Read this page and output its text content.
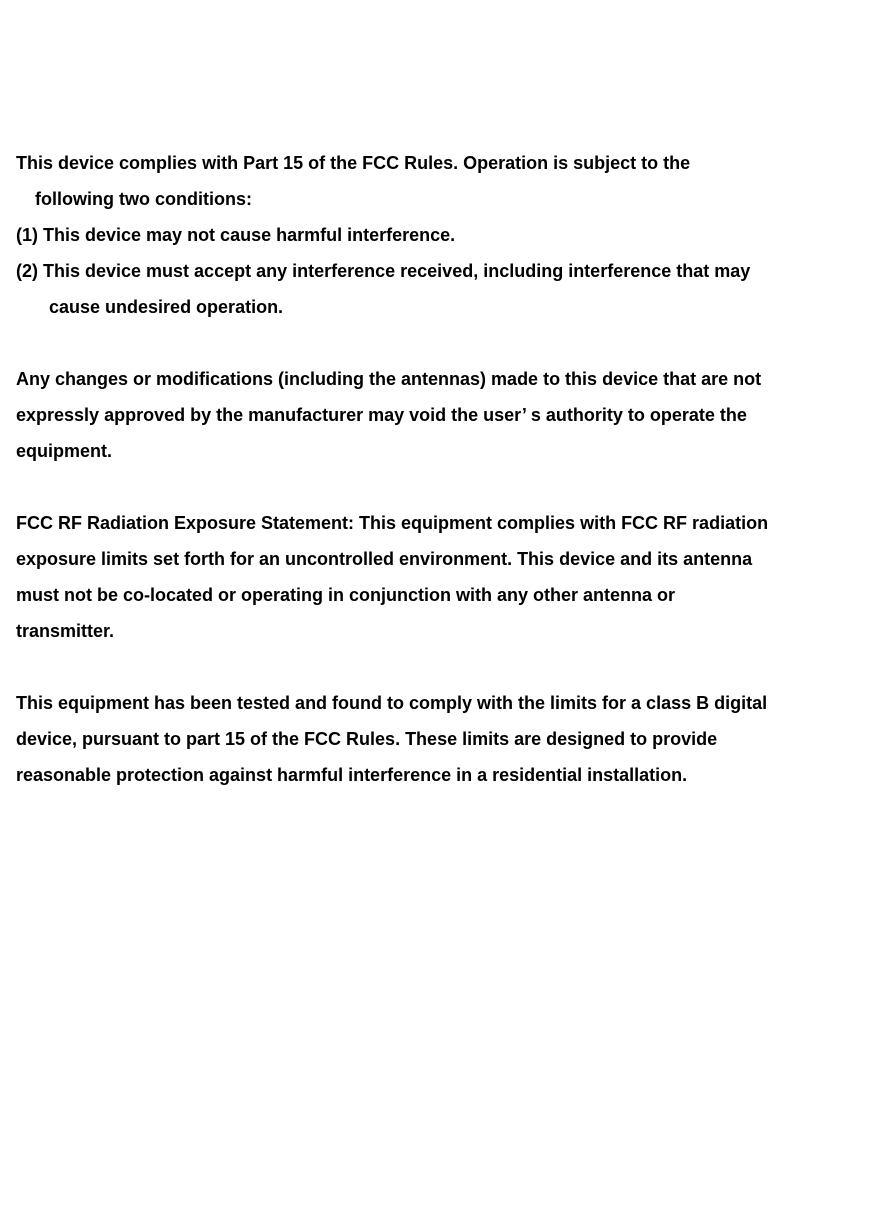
This device complies with Part 15 of the FCC Rules. Operation is subject to the

following two conditions:

(1) This device may not cause harmful interference.

(2) This device must accept any interference received, including interference that may

cause undesired operation.

Any changes or modifications (including the antennas) made to this device that are not

expressly approved by the manufacturer may void the user’ s authority to operate the

equipment.

FCC RF Radiation Exposure Statement: This equipment complies with FCC RF radiation

exposure limits set forth for an uncontrolled environment. This device and its antenna

must not be co-located or operating in conjunction with any other antenna or

transmitter.

This equipment has been tested and found to comply with the limits for a class B digital

device, pursuant to part 15 of the FCC Rules. These limits are designed to provide

reasonable protection against harmful interference in a residential installation.
